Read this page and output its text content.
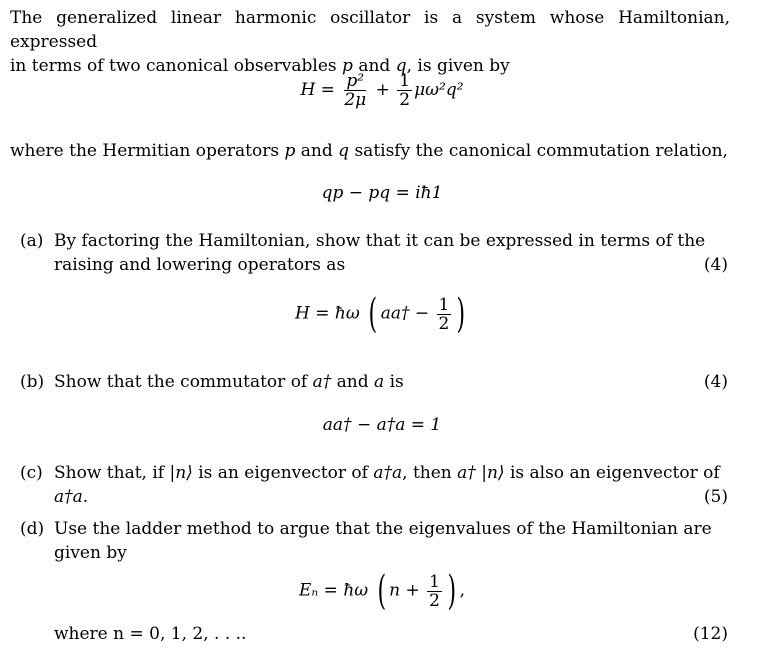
The generalized linear harmonic oscillator is a system whose Hamiltonian, expressed
in terms of two canonical observables p and q, is given by
$H = \frac{\text{p²}}{2\mu} + \frac{1}{2} \mu\omega^2q^2$
where the Hermitian operators p and q satisfy the canonical commutation relation,
qp − pq = iħ1
(a) By factoring the Hamiltonian, show that it can be expressed in terms of the
raising and lowering operators as	(4)
H = ħω ( aa† − $\frac{1}{2}$ )
(b) Show that the commutator of a† and a is	(4)
aa† − a†a = 1
(c) Show that, if |n⟩ is an eigenvector of a†a, then a† |n⟩ is also an eigenvector of
a†a.	(5)
(d) Use the ladder method to argue that the eigenvalues of the Hamiltonian are
given by
Eₙ = ħω ( $n + \frac{1}{2}$ ) ,
where n = 0, 1, 2, . . ..	(12)
